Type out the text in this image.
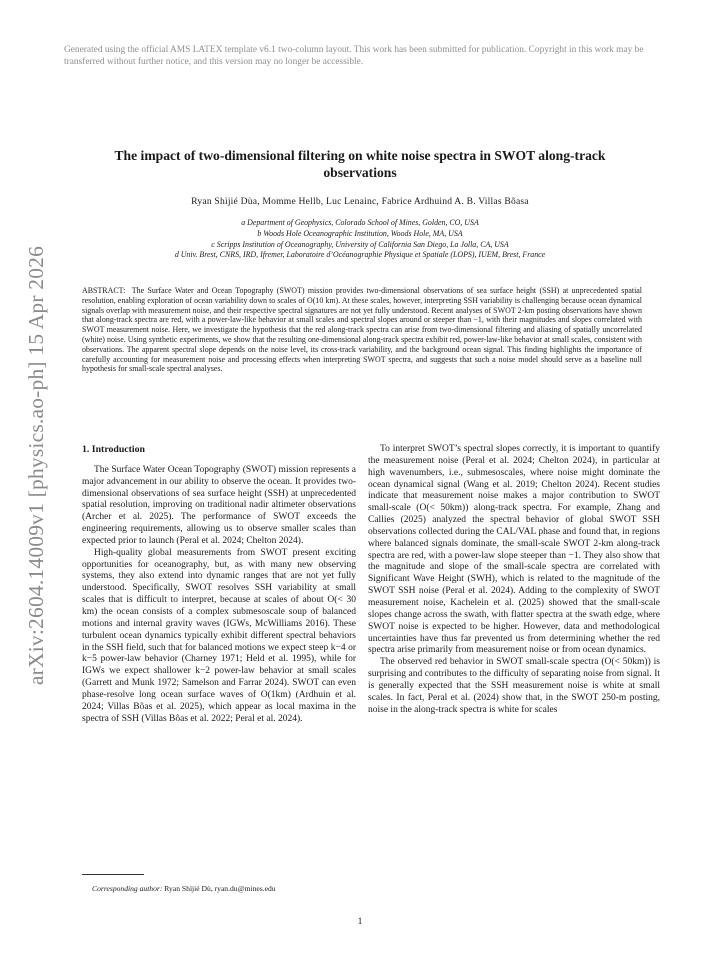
arXiv:2604.14009v1 [physics.ao-ph] 15 Apr 2026
Generated using the official AMS LATEX template v6.1 two-column layout. This work has been submitted for publication. Copyright in this work may be transferred without further notice, and this version may no longer be accessible.
The impact of two-dimensional filtering on white noise spectra in SWOT along-track observations
Ryan Shìjié Dùa, Momme Hellb, Luc Lenainc, Fabrice Ardhuind A. B. Villas Bôasa
a Department of Geophysics, Colorado School of Mines, Golden, CO, USA
b Woods Hole Oceanographic Institution, Woods Hole, MA, USA
c Scripps Institution of Oceanography, University of California San Diego, La Jolla, CA, USA
d Univ. Brest, CNRS, IRD, Ifremer, Laboratoire d’Océanographie Physique et Spatiale (LOPS), IUEM, Brest, France
ABSTRACT: The Surface Water and Ocean Topography (SWOT) mission provides two-dimensional observations of sea surface height (SSH) at unprecedented spatial resolution, enabling exploration of ocean variability down to scales of O(10 km). At these scales, however, interpreting SSH variability is challenging because ocean dynamical signals overlap with measurement noise, and their respective spectral signatures are not yet fully understood. Recent analyses of SWOT 2-km posting observations have shown that along-track spectra are red, with a power-law-like behavior at small scales and spectral slopes around or steeper than −1, with their magnitudes and slopes correlated with SWOT measurement noise. Here, we investigate the hypothesis that the red along-track spectra can arise from two-dimensional filtering and aliasing of spatially uncorrelated (white) noise. Using synthetic experiments, we show that the resulting one-dimensional along-track spectra exhibit red, power-law-like behavior at small scales, consistent with observations. The apparent spectral slope depends on the noise level, its cross-track variability, and the background ocean signal. This finding highlights the importance of carefully accounting for measurement noise and processing effects when interpreting SWOT spectra, and suggests that such a noise model should serve as a baseline null hypothesis for small-scale spectral analyses.
1. Introduction

The Surface Water Ocean Topography (SWOT) mission represents a major advancement in our ability to observe the ocean. It provides two-dimensional observations of sea surface height (SSH) at unprecedented spatial resolution, improving on traditional nadir altimeter observations (Archer et al. 2025). The performance of SWOT exceeds the engineering requirements, allowing us to observe smaller scales than expected prior to launch (Peral et al. 2024; Chelton 2024).

High-quality global measurements from SWOT present exciting opportunities for oceanography, but, as with many new observing systems, they also extend into dynamic ranges that are not yet fully understood. Specifically, SWOT resolves SSH variability at small scales that is difficult to interpret, because at scales of about O(< 30 km) the ocean consists of a complex submesoscale soup of balanced motions and internal gravity waves (IGWs, McWilliams 2016). These turbulent ocean dynamics typically exhibit different spectral behaviors in the SSH field, such that for balanced motions we expect steep k−4 or k−5 power-law behavior (Charney 1971; Held et al. 1995), while for IGWs we expect shallower k−2 power-law behavior at small scales (Garrett and Munk 1972; Samelson and Farrar 2024). SWOT can even phase-resolve long ocean surface waves of O(1km) (Ardhuin et al. 2024; Villas Bôas et al. 2025), which appear as local maxima in the spectra of SSH (Villas Bôas et al. 2022; Peral et al. 2024).

To interpret SWOT’s spectral slopes correctly, it is important to quantify the measurement noise (Peral et al. 2024; Chelton 2024), in particular at high wavenumbers, i.e., submesoscales, where noise might dominate the ocean dynamical signal (Wang et al. 2019; Chelton 2024). Recent studies indicate that measurement noise makes a major contribution to SWOT small-scale (O(< 50km)) along-track spectra. For example, Zhang and Callies (2025) analyzed the spectral behavior of global SWOT SSH observations collected during the CAL/VAL phase and found that, in regions where balanced signals dominate, the small-scale SWOT 2-km along-track spectra are red, with a power-law slope steeper than −1. They also show that the magnitude and slope of the small-scale spectra are correlated with Significant Wave Height (SWH), which is related to the magnitude of the SWOT SSH noise (Peral et al. 2024). Adding to the complexity of SWOT measurement noise, Kachelein et al. (2025) showed that the small-scale slopes change across the swath, with flatter spectra at the swath edge, where SWOT noise is expected to be higher. However, data and methodological uncertainties have thus far prevented us from determining whether the red spectra arise primarily from measurement noise or from ocean dynamics.

The observed red behavior in SWOT small-scale spectra (O(< 50km)) is surprising and contributes to the difficulty of separating noise from signal. It is generally expected that the SSH measurement noise is white at small scales. In fact, Peral et al. (2024) show that, in the SWOT 250-m posting, noise in the along-track spectra is white for scales

Corresponding author: Ryan Shìjié Dù, ryan.du@mines.edu
1
